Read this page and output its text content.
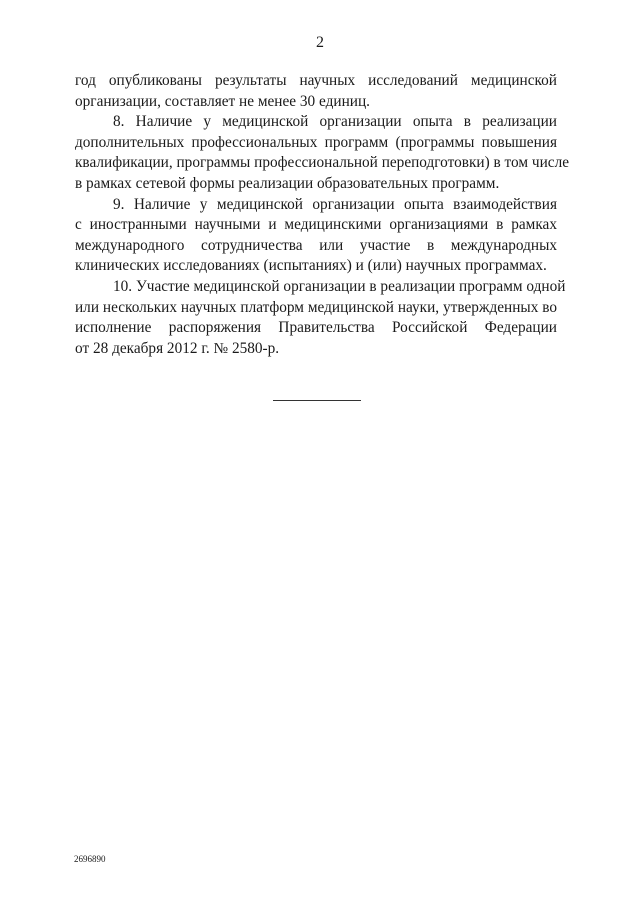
2
год опубликованы результаты научных исследований медицинской
организации, составляет не менее 30 единиц.
8. Наличие у медицинской организации опыта в реализации
дополнительных профессиональных программ (программы повышения
квалификации, программы профессиональной переподготовки) в том числе
в рамках сетевой формы реализации образовательных программ.
9. Наличие у медицинской организации опыта взаимодействия
с иностранными научными и медицинскими организациями в рамках
международного сотрудничества или участие в международных
клинических исследованиях (испытаниях) и (или) научных программах.
10. Участие медицинской организации в реализации программ одной
или нескольких научных платформ медицинской науки, утвержденных во
исполнение распоряжения Правительства Российской Федерации
от 28 декабря 2012 г. № 2580-р.
2696890
